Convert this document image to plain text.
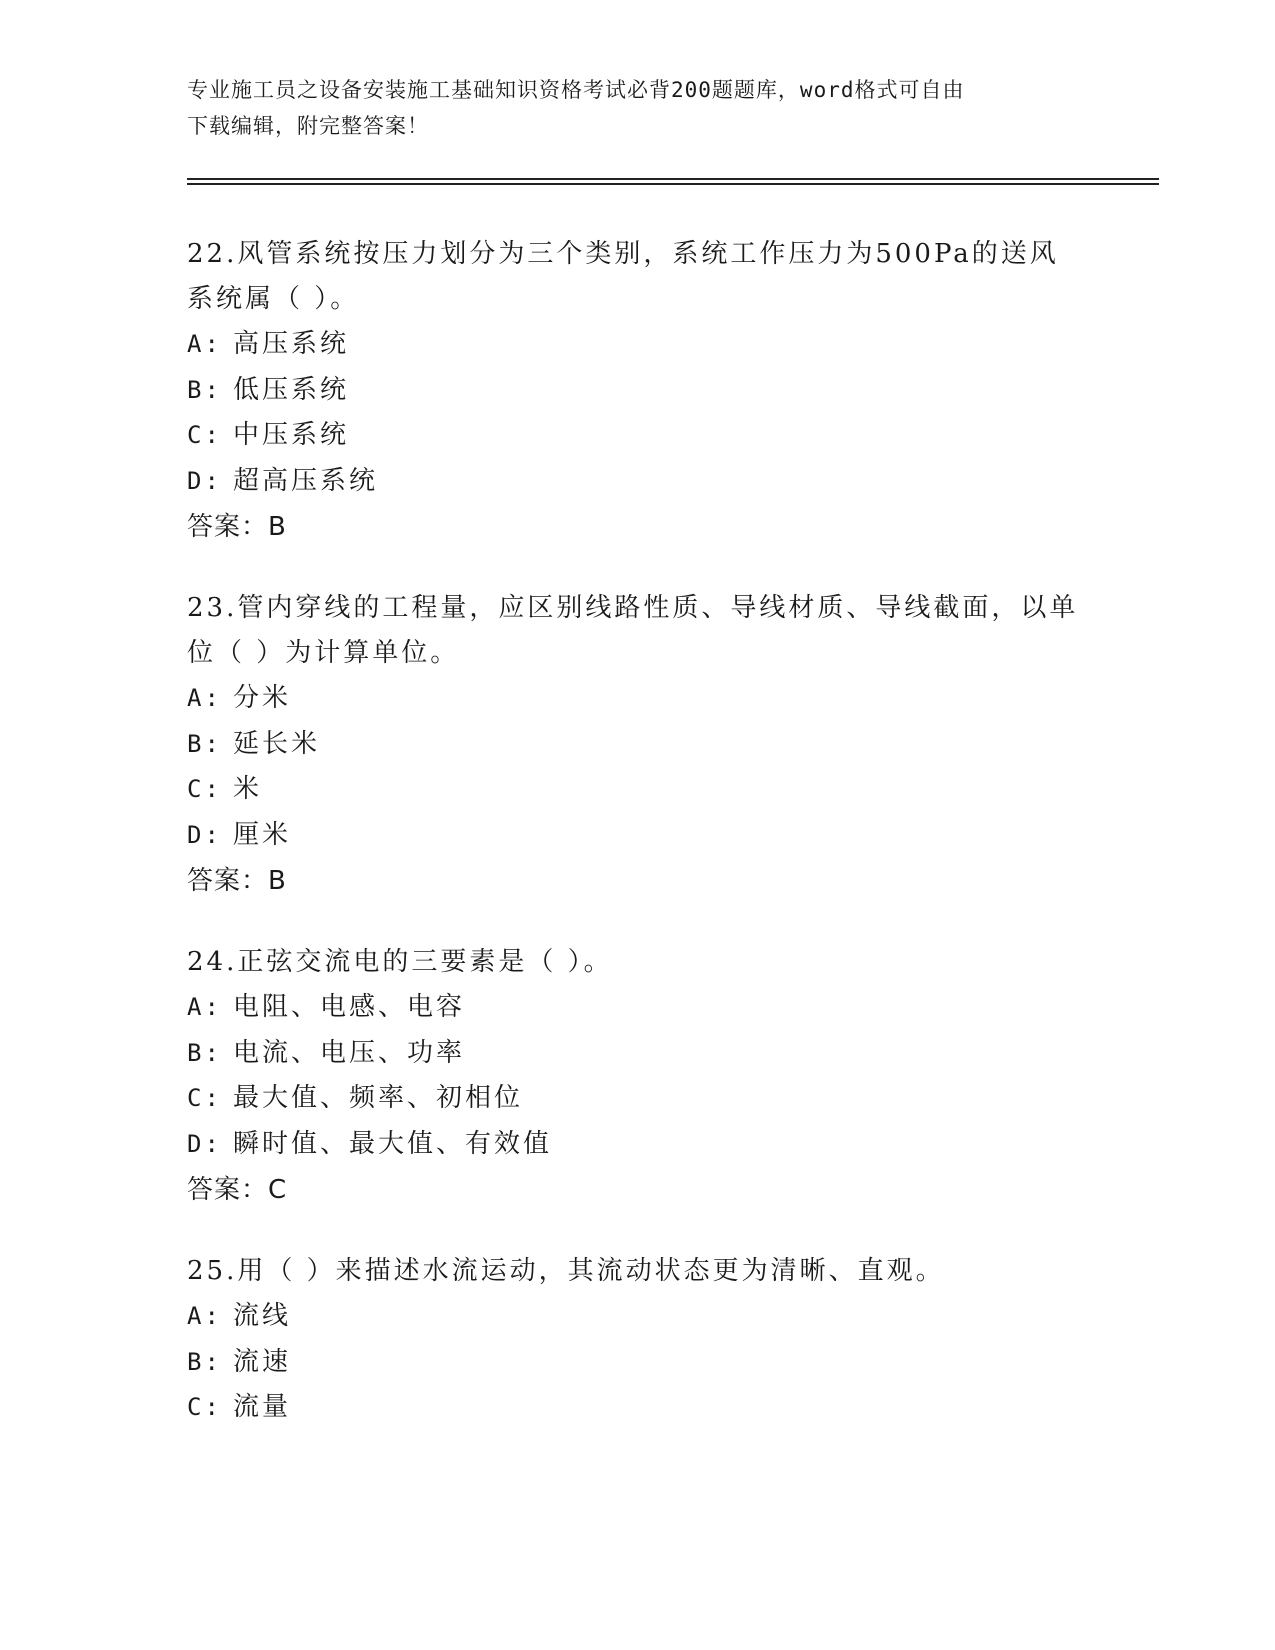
专业施工员之设备安装施工基础知识资格考试必背200题题库，word格式可自由
下载编辑，附完整答案！

22.风管系统按压力划分为三个类别，系统工作压力为500Pa的送风系统属（ ）。

A: 高压系统
B: 低压系统
C: 中压系统
D: 超高压系统
答案：B

23.管内穿线的工程量，应区别线路性质、导线材质、导线截面，以单位（ ）为计算单位。

A: 分米
B: 延长米
C: 米
D: 厘米
答案：B

24.正弦交流电的三要素是（ ）。

A: 电阻、电感、电容
B: 电流、电压、功率
C: 最大值、频率、初相位
D: 瞬时值、最大值、有效值
答案：C

25.用（ ）来描述水流运动，其流动状态更为清晰、直观。

A: 流线
B: 流速
C: 流量
